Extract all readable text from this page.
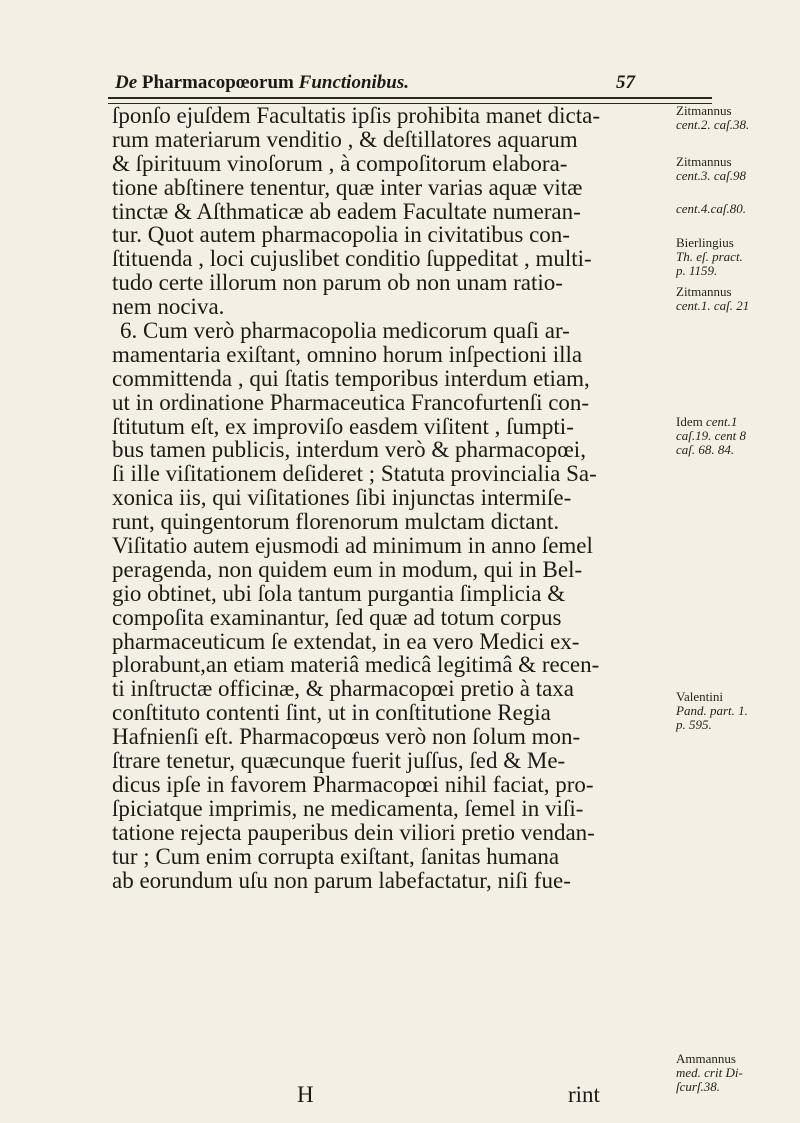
De Pharmacopœorum Functionibus.	57
ſponſo ejuſdem Facultatis ipſis prohibita manet dicta-
rum materiarum venditio , & deſtillatores aquarum
& ſpirituum vinoſorum , à compoſitorum elabora-
tione abſtinere tenentur, quæ inter varias aquæ vitæ
tinctæ & Aſthmaticæ ab eadem Facultate numeran-
tur. Quot autem pharmacopolia in civitatibus con-
ſtituenda , loci cujuslibet conditio ſuppeditat , multi-
tudo certe illorum non parum ob non unam ratio-
nem nociva.
6. Cum verò pharmacopolia medicorum quaſi ar-
mamentaria exiſtant, omnino horum inſpectioni illa
committenda , qui ſtatis temporibus interdum etiam,
ut in ordinatione Pharmaceutica Francofurtenſi con-
ſtitutum eſt, ex improviſo easdem viſitent , ſumpti-
bus tamen publicis, interdum verò & pharmacopœi,
ſi ille viſitationem deſideret ; Statuta provincialia Sa-
xonica iis, qui viſitationes ſibi injunctas intermiſe-
runt, quingentorum florenorum mulctam dictant.
Viſitatio autem ejusmodi ad minimum in anno ſemel
peragenda, non quidem eum in modum, qui in Bel-
gio obtinet, ubi ſola tantum purgantia ſimplicia &
compoſita examinantur, ſed quæ ad totum corpus
pharmaceuticum ſe extendat, in ea vero Medici ex-
plorabunt,an etiam materiâ medicâ legitimâ & recen-
ti inſtructæ officinæ, & pharmacopœi pretio à taxa
conſtituto contenti ſint, ut in conſtitutione Regia
Hafnienſi eſt. Pharmacopœus verò non ſolum mon-
ſtrare tenetur, quæcunque fuerit juſſus, ſed & Me-
dicus ipſe in favorem Pharmacopœi nihil faciat, pro-
ſpiciatque imprimis, ne medicamenta, ſemel in viſi-
tatione rejecta pauperibus dein viliori pretio vendan-
tur ; Cum enim corrupta exiſtant, ſanitas humana
ab eorundum uſu non parum labefactatur, niſi fue-
H	rint
Zitmannus
cent.2. caſ.38.
Zitmannus
cent.3. caſ.98
cent.4.caſ.80.
Bierlingius
Th. eſ. pract.
p. 1159.
Zitmannus
cent.1. caſ. 21
Idem cent.1
caſ.19. cent 8
caſ. 68. 84.
Valentini
Pand. part. 1.
p. 595.
Ammannus
med. crit Di-
ſcurſ.38.
